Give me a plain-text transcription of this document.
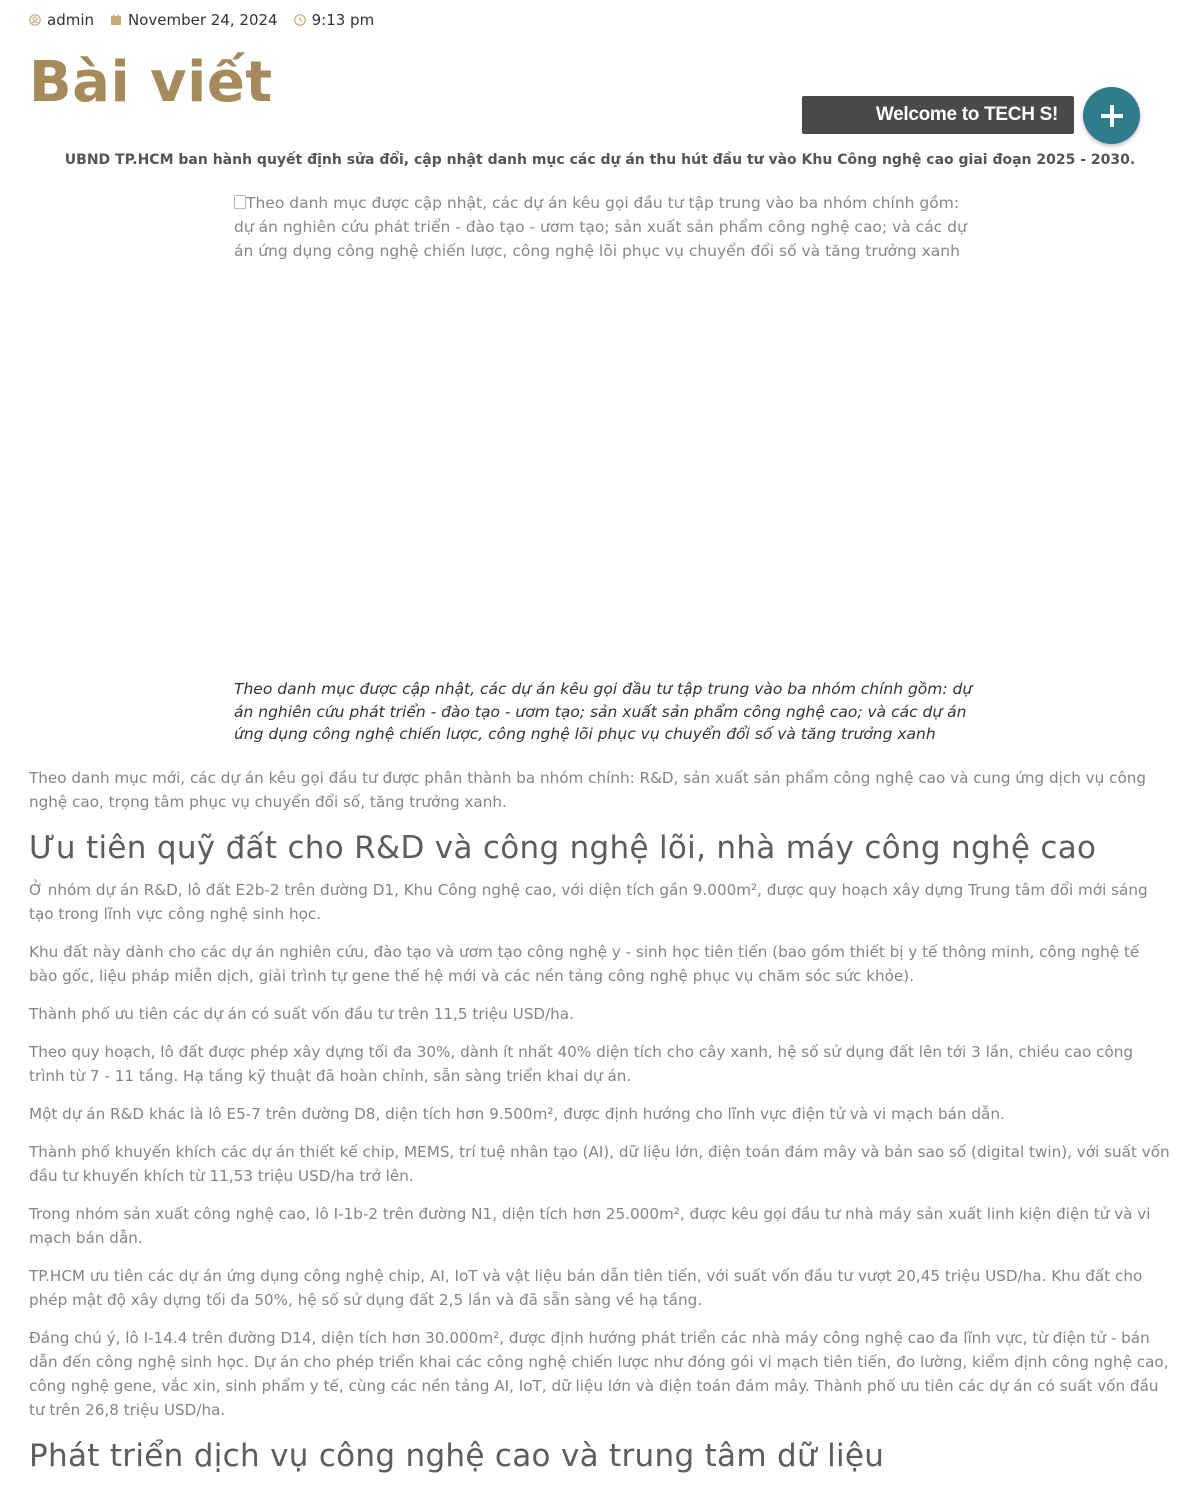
admin November 24, 2024 9:13 pm
Bài viết	Welcome to TECH S!

UBND TP.HCM ban hành quyết định sửa đổi, cập nhật danh mục các dự án thu hút đầu tư vào Khu Công nghệ cao giai đoạn 2025 - 2030.

Theo danh mục được cập nhật, các dự án kêu gọi đầu tư tập trung vào ba nhóm chính gồm: dự án nghiên cứu phát triển - đào tạo - ươm tạo; sản xuất sản phẩm công nghệ cao; và các dự án ứng dụng công nghệ chiến lược, công nghệ lõi phục vụ chuyển đổi số và tăng trưởng xanh

Theo danh mục được cập nhật, các dự án kêu gọi đầu tư tập trung vào ba nhóm chính gồm: dự án nghiên cứu phát triển - đào tạo - ươm tạo; sản xuất sản phẩm công nghệ cao; và các dự án ứng dụng công nghệ chiến lược, công nghệ lõi phục vụ chuyển đổi số và tăng trưởng xanh

Theo danh mục mới, các dự án kêu gọi đầu tư được phân thành ba nhóm chính: R&D, sản xuất sản phẩm công nghệ cao và cung ứng dịch vụ công nghệ cao, trọng tâm phục vụ chuyển đổi số, tăng trưởng xanh.

Ưu tiên quỹ đất cho R&D và công nghệ lõi, nhà máy công nghệ cao

Ở nhóm dự án R&D, lô đất E2b-2 trên đường D1, Khu Công nghệ cao, với diện tích gần 9.000m², được quy hoạch xây dựng Trung tâm đổi mới sáng tạo trong lĩnh vực công nghệ sinh học.

Khu đất này dành cho các dự án nghiên cứu, đào tạo và ươm tạo công nghệ y - sinh học tiên tiến (bao gồm thiết bị y tế thông minh, công nghệ tế bào gốc, liệu pháp miễn dịch, giải trình tự gene thế hệ mới và các nền tảng công nghệ phục vụ chăm sóc sức khỏe).

Thành phố ưu tiên các dự án có suất vốn đầu tư trên 11,5 triệu USD/ha.

Theo quy hoạch, lô đất được phép xây dựng tối đa 30%, dành ít nhất 40% diện tích cho cây xanh, hệ số sử dụng đất lên tới 3 lần, chiều cao công trình từ 7 - 11 tầng. Hạ tầng kỹ thuật đã hoàn chỉnh, sẵn sàng triển khai dự án.

Một dự án R&D khác là lô E5-7 trên đường D8, diện tích hơn 9.500m², được định hướng cho lĩnh vực điện tử và vi mạch bán dẫn.

Thành phố khuyến khích các dự án thiết kế chip, MEMS, trí tuệ nhân tạo (AI), dữ liệu lớn, điện toán đám mây và bản sao số (digital twin), với suất vốn đầu tư khuyến khích từ 11,53 triệu USD/ha trở lên.

Trong nhóm sản xuất công nghệ cao, lô I-1b-2 trên đường N1, diện tích hơn 25.000m², được kêu gọi đầu tư nhà máy sản xuất linh kiện điện tử và vi mạch bán dẫn.

TP.HCM ưu tiên các dự án ứng dụng công nghệ chip, AI, IoT và vật liệu bán dẫn tiên tiến, với suất vốn đầu tư vượt 20,45 triệu USD/ha. Khu đất cho phép mật độ xây dựng tối đa 50%, hệ số sử dụng đất 2,5 lần và đã sẵn sàng về hạ tầng.

Đáng chú ý, lô I-14.4 trên đường D14, diện tích hơn 30.000m², được định hướng phát triển các nhà máy công nghệ cao đa lĩnh vực, từ điện tử - bán dẫn đến công nghệ sinh học. Dự án cho phép triển khai các công nghệ chiến lược như đóng gói vi mạch tiên tiến, đo lường, kiểm định công nghệ cao, công nghệ gene, vắc xin, sinh phẩm y tế, cùng các nền tảng AI, IoT, dữ liệu lớn và điện toán đám mây. Thành phố ưu tiên các dự án có suất vốn đầu tư trên 26,8 triệu USD/ha.

Phát triển dịch vụ công nghệ cao và trung tâm dữ liệu
